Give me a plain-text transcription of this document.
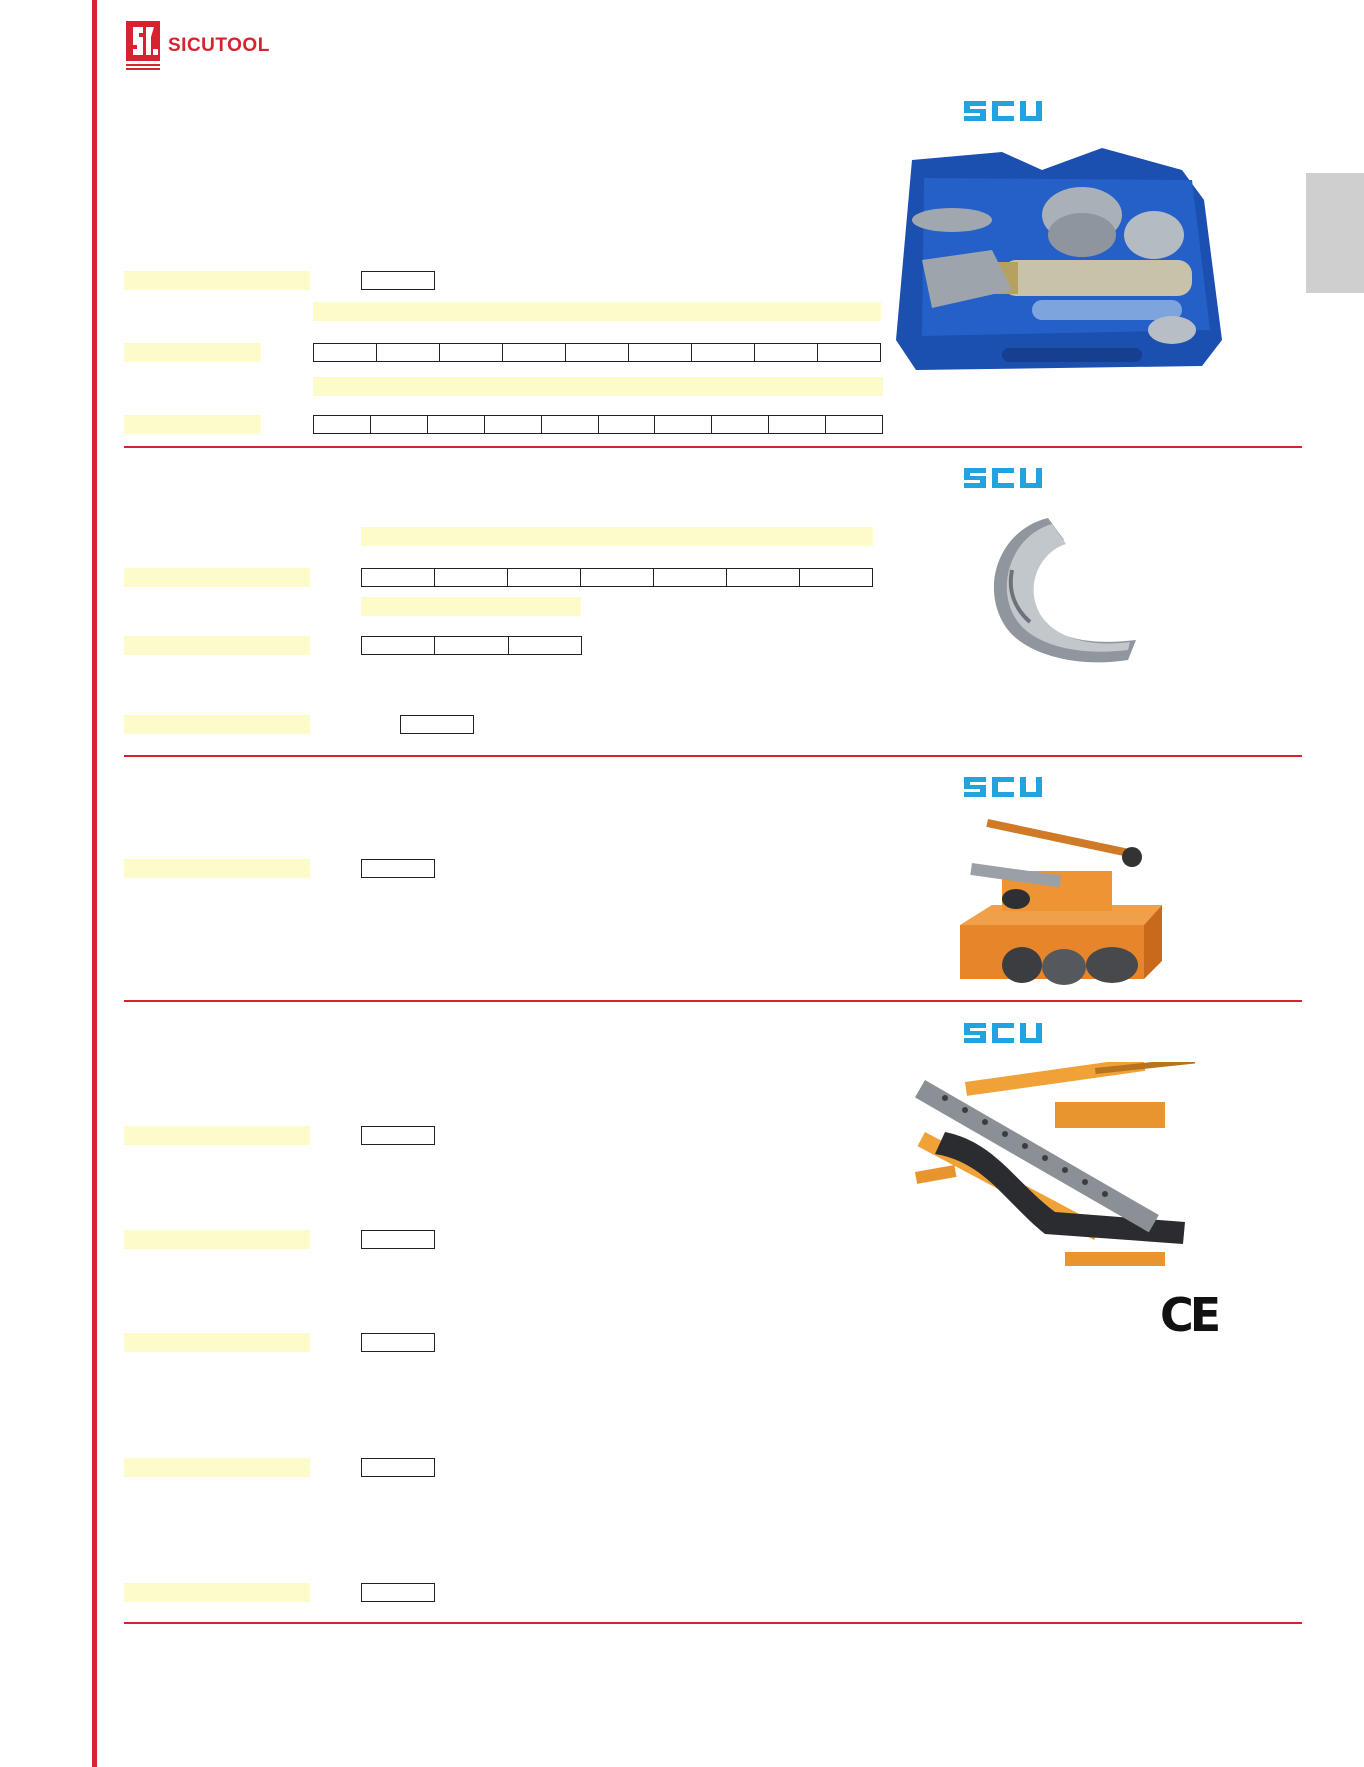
SICUTOOL
CE
